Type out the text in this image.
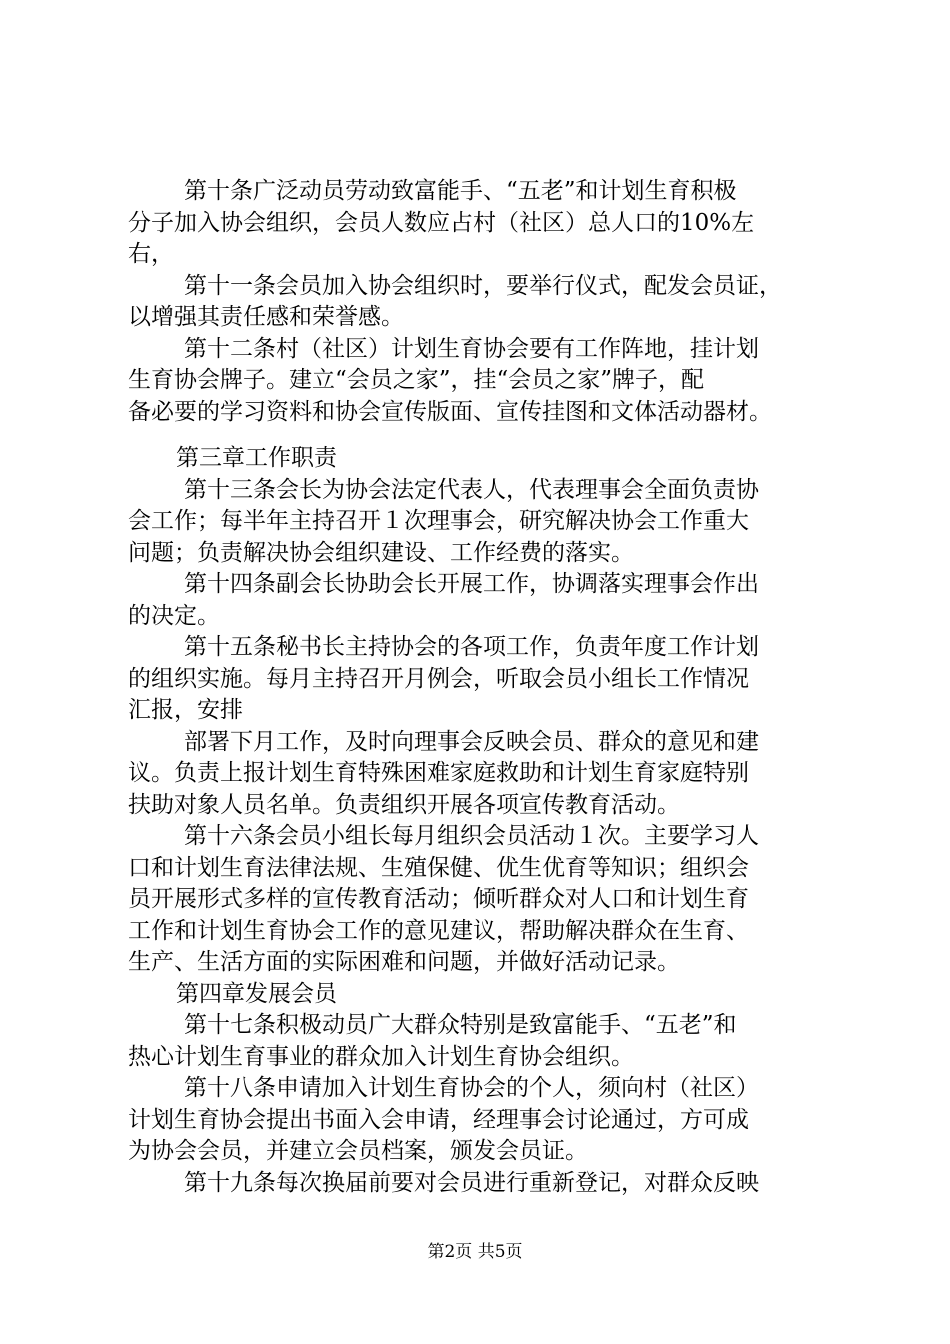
第十条广泛动员劳动致富能手、“五老”和计划生育积极
分子加入协会组织，会员人数应占村（社区）总人口的10%左
右，

第十一条会员加入协会组织时，要举行仪式，配发会员证，
以增强其责任感和荣誉感。

第十二条村（社区）计划生育协会要有工作阵地，挂计划
生育协会牌子。建立“会员之家”，挂“会员之家”牌子，配
备必要的学习资料和协会宣传版面、宣传挂图和文体活动器材。

第三章工作职责

第十三条会长为协会法定代表人，代表理事会全面负责协
会工作；每半年主持召开１次理事会，研究解决协会工作重大
问题；负责解决协会组织建设、工作经费的落实。

第十四条副会长协助会长开展工作，协调落实理事会作出
的决定。

第十五条秘书长主持协会的各项工作，负责年度工作计划
的组织实施。每月主持召开月例会，听取会员小组长工作情况
汇报，安排

部署下月工作，及时向理事会反映会员、群众的意见和建
议。负责上报计划生育特殊困难家庭救助和计划生育家庭特别
扶助对象人员名单。负责组织开展各项宣传教育活动。

第十六条会员小组长每月组织会员活动１次。主要学习人
口和计划生育法律法规、生殖保健、优生优育等知识；组织会
员开展形式多样的宣传教育活动；倾听群众对人口和计划生育
工作和计划生育协会工作的意见建议，帮助解决群众在生育、
生产、生活方面的实际困难和问题，并做好活动记录。

第四章发展会员

第十七条积极动员广大群众特别是致富能手、“五老”和
热心计划生育事业的群众加入计划生育协会组织。

第十八条申请加入计划生育协会的个人，须向村（社区）
计划生育协会提出书面入会申请，经理事会讨论通过，方可成
为协会会员，并建立会员档案，颁发会员证。

第十九条每次换届前要对会员进行重新登记，对群众反映

第2页 共5页
